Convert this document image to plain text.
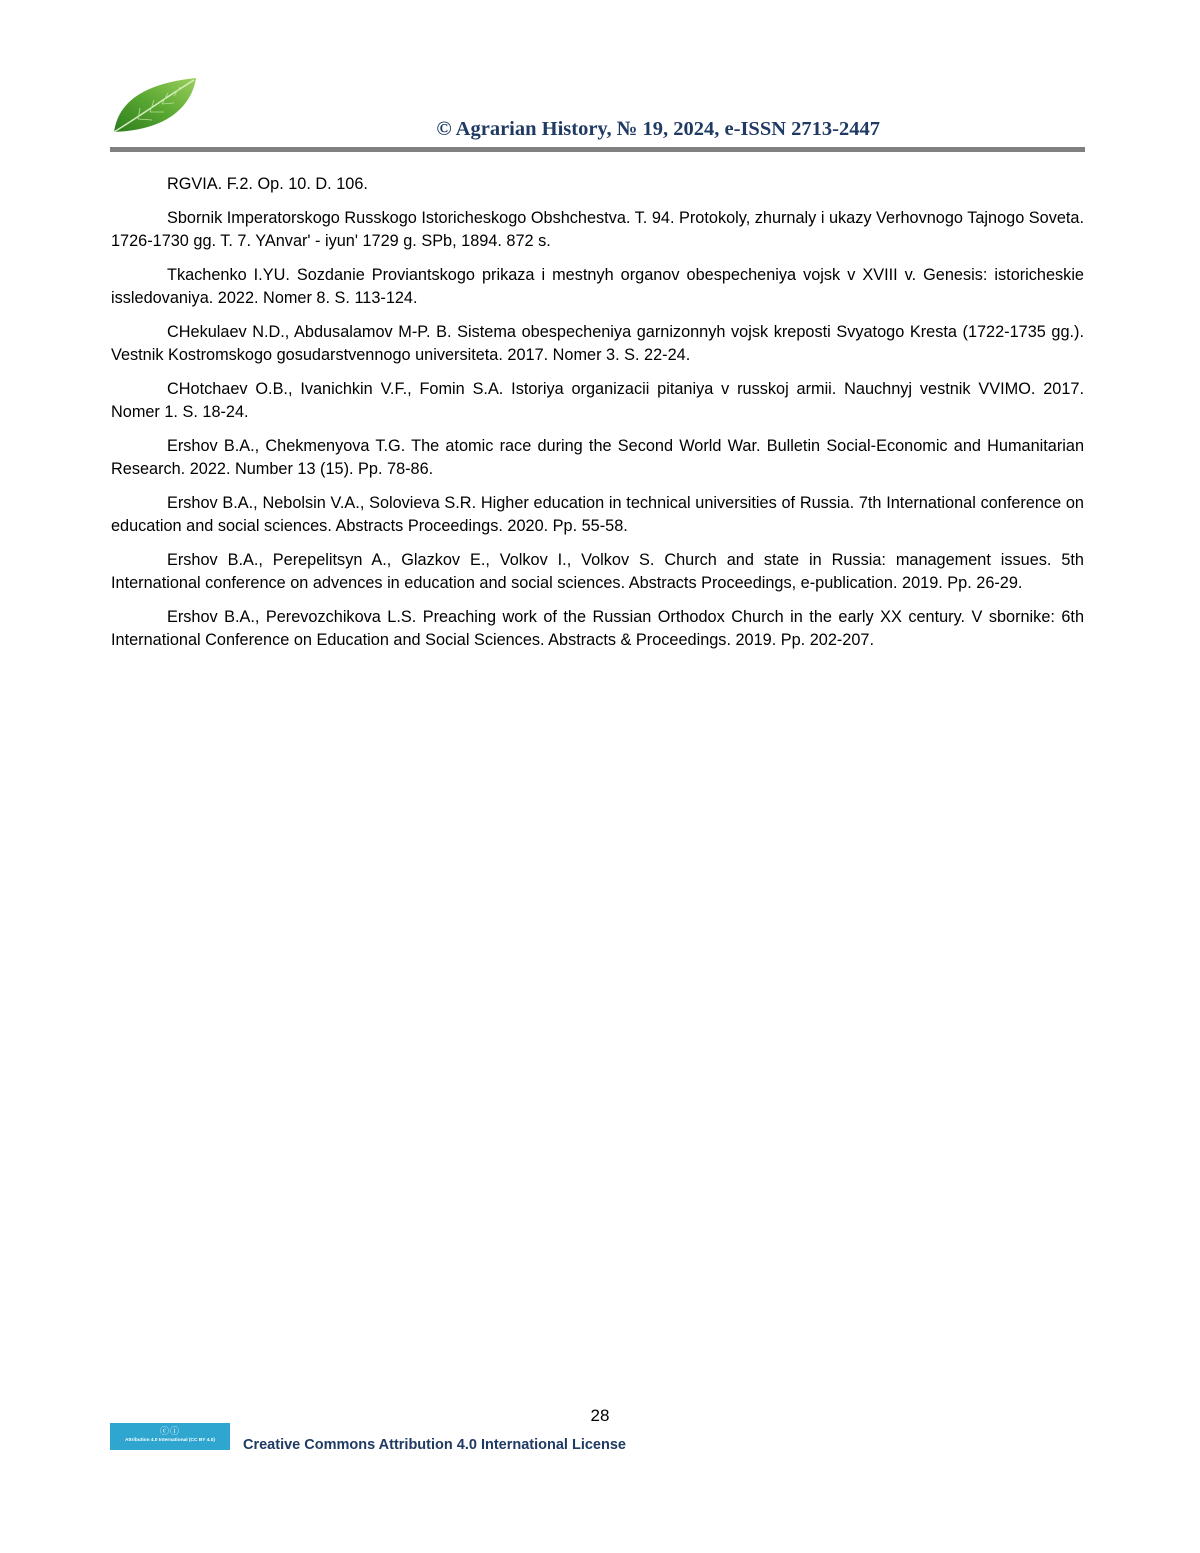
© Agrarian History, № 19, 2024, e-ISSN 2713-2447

RGVIA. F.2. Op. 10. D. 106.

Sbornik Imperatorskogo Russkogo Istoricheskogo Obshchestva. T. 94. Protokoly, zhurnaly i ukazy Verhovnogo Tajnogo Soveta. 1726-1730 gg. T. 7. YAnvar' - iyun' 1729 g. SPb, 1894. 872 s.

Tkachenko I.YU. Sozdanie Proviantskogo prikaza i mestnyh organov obespecheniya vojsk v XVIII v. Genesis: istoricheskie issledovaniya. 2022. Nomer 8. S. 113-124.

CHekulaev N.D., Abdusalamov M-P. B. Sistema obespecheniya garnizonnyh vojsk kreposti Svyatogo Kresta (1722-1735 gg.). Vestnik Kostromskogo gosudarstvennogo universiteta. 2017. Nomer 3. S. 22-24.

CHotchaev O.B., Ivanichkin V.F., Fomin S.A. Istoriya organizacii pitaniya v russkoj armii. Nauchnyj vestnik VVIMO. 2017. Nomer 1. S. 18-24.

Ershov B.A., Chekmenyova T.G. The atomic race during the Second World War. Bulletin Social-Economic and Humanitarian Research. 2022. Number 13 (15). Pp. 78-86.

Ershov B.A., Nebolsin V.A., Solovieva S.R. Higher education in technical universities of Russia. 7th International conference on education and social sciences. Abstracts Proceedings. 2020. Pp. 55-58.

Ershov B.A., Perepelitsyn A., Glazkov E., Volkov I., Volkov S. Church and state in Russia: management issues. 5th International conference on advences in education and social sciences. Abstracts Proceedings, e-publication. 2019. Pp. 26-29.

Ershov B.A., Perevozchikova L.S. Preaching work of the Russian Orthodox Church in the early XX century. V sbornike: 6th International Conference on Education and Social Sciences. Abstracts & Proceedings. 2019. Pp. 202-207.

28
ⓒⓘ
Attribution 4.0 International (CC BY 4.0)	Creative Commons Attribution 4.0 International License
